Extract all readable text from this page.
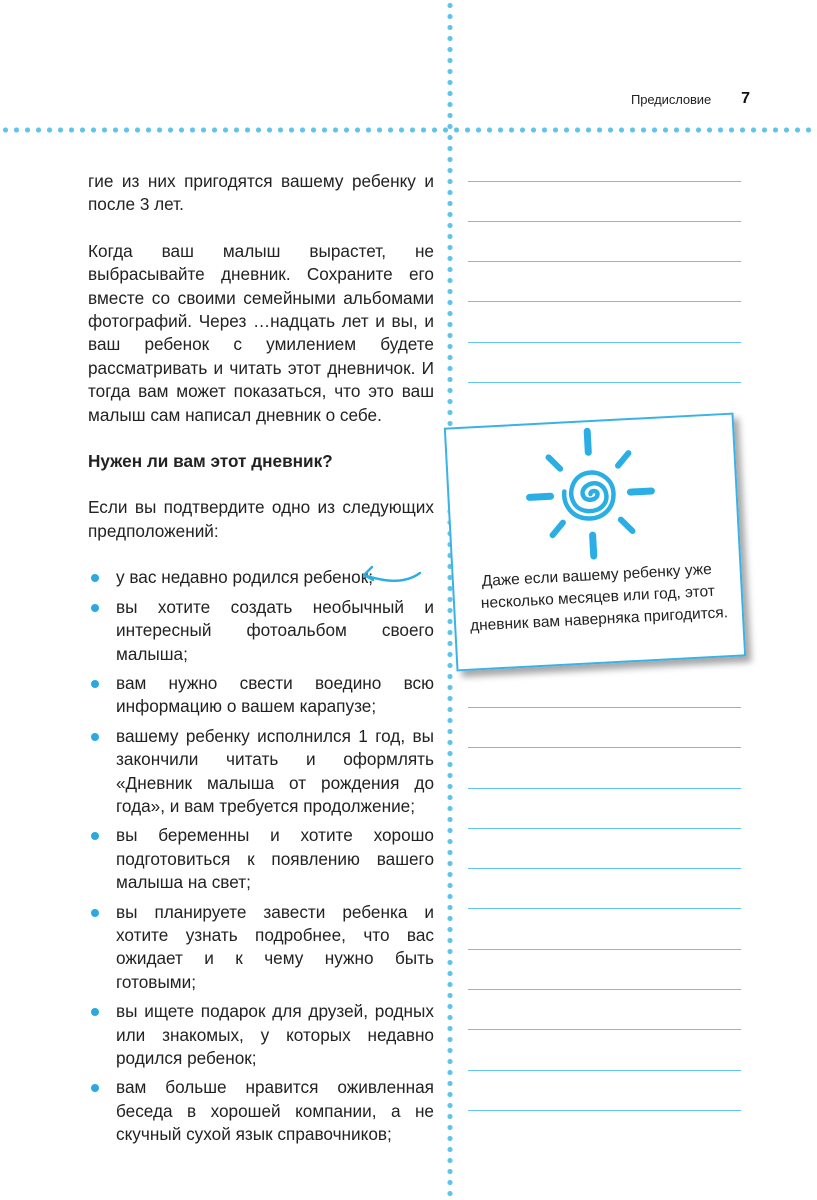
Предисловие 7

гие из них пригодятся вашему ребенку и после 3 лет.

Когда ваш малыш вырастет, не выбрасывайте дневник. Сохраните его вместе со своими семейными альбомами фотографий. Через …надцать лет и вы, и ваш ребенок с умилением будете рассматривать и читать этот дневничок. И тогда вам может показаться, что это ваш малыш сам написал дневник о себе.

Нужен ли вам этот дневник?

Если вы подтвердите одно из следующих предположений:

у вас недавно родился ребенок;
вы хотите создать необычный и интересный фотоальбом своего малыша;
вам нужно свести воедино всю информацию о вашем карапузе;
вашему ребенку исполнился 1 год, вы закончили читать и оформлять «Дневник малыша от рождения до года», и вам требуется продолжение;
вы беременны и хотите хорошо подготовиться к появлению вашего малыша на свет;
вы планируете завести ребенка и хотите узнать подробнее, что вас ожидает и к чему нужно быть готовыми;
вы ищете подарок для друзей, родных или знакомых, у которых недавно родился ребенок;
вам больше нравится оживленная беседа в хорошей компании, а не скучный сухой язык справочников;
Даже если вашему ребенку уже несколько месяцев или год, этот дневник вам наверняка пригодится.
